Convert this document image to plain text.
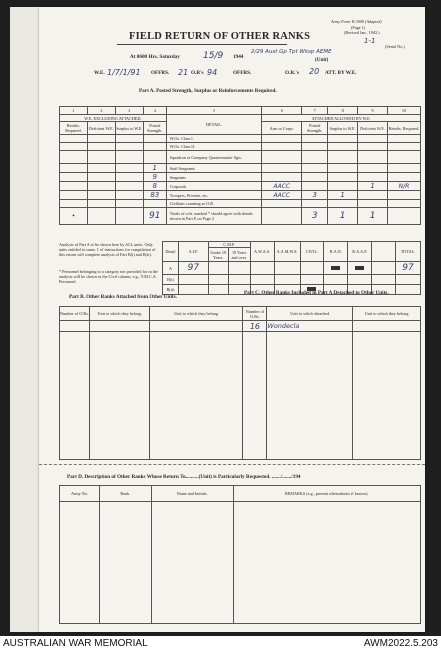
Army Form W.3009 (Adapted)
(Page 1)
(Revised Jan., 1943.)
1-1
(Serial No.)
FIELD RETURN OF OTHER RANKS
At 0600 Hrs. Saturday	15/9 1944
2/29 Aust Gp Tpt Wksp AEME
(Unit)
W.E. 1/7/1/91 OFFRS. 21 O.R's 94	OFFRS.	O.R.'s 20 ATT. BY W.E.
Part A. Posted Strength, Surplus or Reinforcements Required.
1	2	3	4	5	6	7	8	9	10
W.E. EXCLUDING ATTACHED.				DETAIL.	ATTACHED ALLOWED BY W.E.				
Reinfts. Required.	Deficient W.E.	Surplus to W.E.	Posted Strength.		Arm or Corps.	Posted Strength.	Surplus to W.E.	Deficient W.E.	Reinfts. Required.
				W.Os. Class I.					
				W.Os. Class II.					
				Squadron or Company Quartermaster Sgts.					
			1	Staff Sergeants					
			9	Sergeants					
			8	Corporals	AACC			1	N/R
			83	Troopers, Privates, etc.	AACC	3	1		
				Civilians counting as O.R.					
•			91	Totals of cols. marked * should agree with details shown in Part E on Page 2		3	1	1	
Analysis of Part A to be shown here by ALL units. Only units entitled to same, 1 of instructions for compilation of this return will complete analysis of Part B(i) and B(ii).
* Personnel belonging to a category not provided for in the analysis will be shown in the Civil column, e.g., Y.M.C.A. Personnel.
Detail	A.I.F.	C.M.F.		A.W.A.S.	A.A.M.W.S.	CIVIL.	R.A.N.	R.A.A.F.		TOTAL.
		Under 19 Years.	19 Years and over.							
A	97									97
B(i)										
B(ii)										
Part B. Other Ranks Attached from Other Units.
Part C. Other Ranks Included in Part A Detached to Other Units.
Number of O.Rs.	Unit to which they belong	Unit to which they belong	Number of O.Rs.	Unit to which detached	Unit to which they belong
			16	Wondecla	

Part D. Description of Other Ranks Whose Return To..........(Unit) is Particularly Requested. ......./......./194
Army No.	Rank.	Name and Initials.	REMARKS (e.g., present whereabouts if known).

AUSTRALIAN WAR MEMORIAL	AWM2022.5.203
